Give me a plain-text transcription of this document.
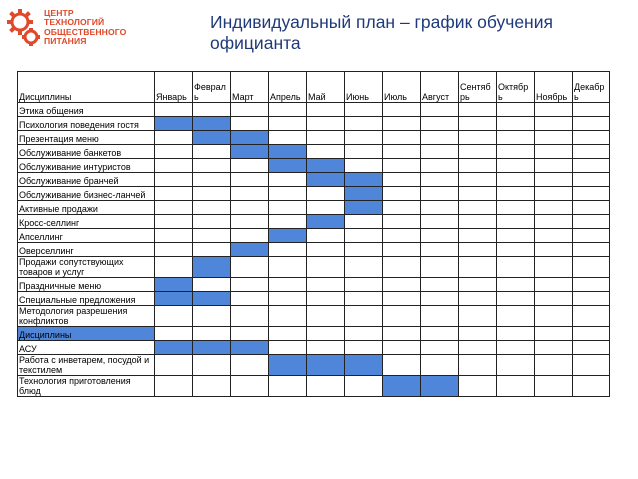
ЦЕНТР
ТЕХНОЛОГИЙ
ОБЩЕСТВЕННОГО
ПИТАНИЯ
Индивидуальный план – график обучения
официанта
Дисциплины	Январь	Феврал ь	Март	Апрель	Май	Июнь	Июль	Август	Сентяб рь	Октябр ь	Ноябрь	Декабр ь
Этика общения												
Психология поведения гостя												
Презентация меню												
Обслуживание банкетов												
Обслуживание интуристов												
Обслуживание бранчей												
Обслуживание бизнес-ланчей												
Активные продажи												
Кросс-селлинг												
Апселлинг												
Оверселлинг												
Продажи сопутствующих товаров и услуг												
Праздничные меню												
Специальные предложения												
Методология разрешения конфликтов												
Дисциплины												
АСУ												
Работа с инветарем, посудой и текстилем												
Технология приготовления блюд												
